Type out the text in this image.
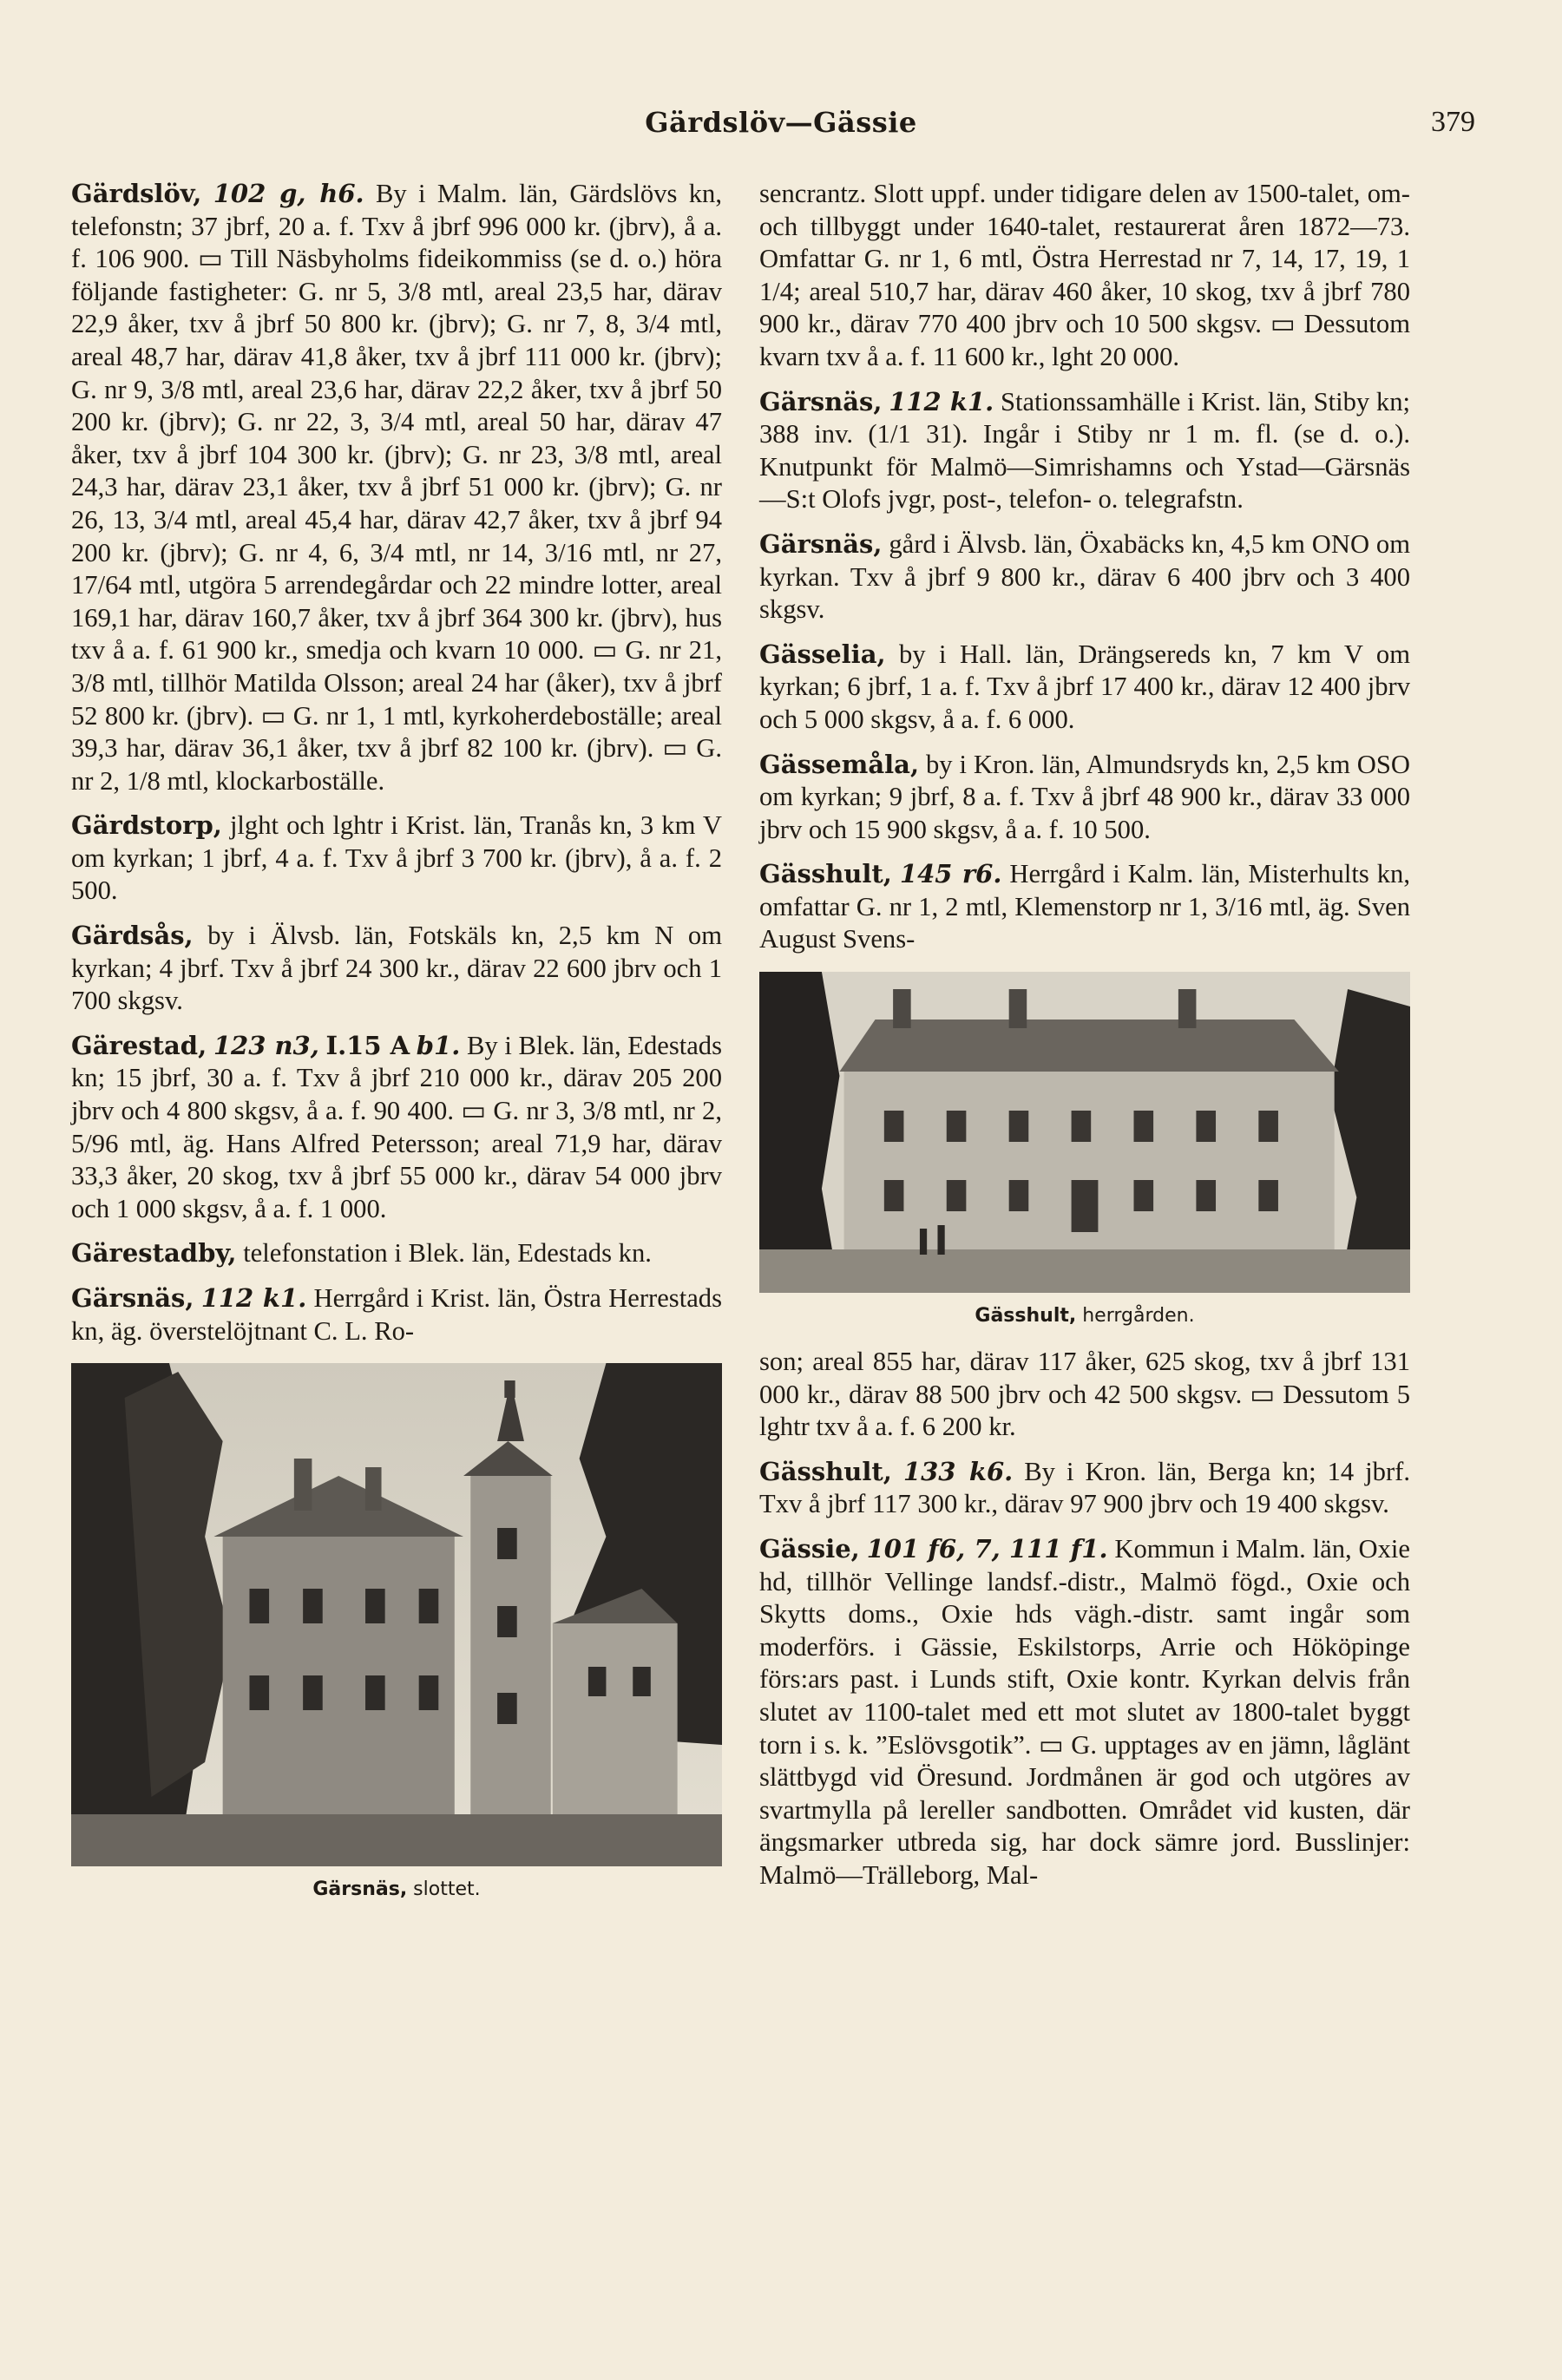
Gärdslöv—Gässie	379

Gärdslöv, 102 g, h6. By i Malm. län, Gärdslövs kn, telefonstn; 37 jbrf, 20 a. f. Txv å jbrf 996 000 kr. (jbrv), å a. f. 106 900. ▭ Till Näsbyholms fideikommiss (se d. o.) höra följande fastigheter: G. nr 5, 3/8 mtl, areal 23,5 har, därav 22,9 åker, txv å jbrf 50 800 kr. (jbrv); G. nr 7, 8, 3/4 mtl, areal 48,7 har, därav 41,8 åker, txv å jbrf 111 000 kr. (jbrv); G. nr 9, 3/8 mtl, areal 23,6 har, därav 22,2 åker, txv å jbrf 50 200 kr. (jbrv); G. nr 22, 3, 3/4 mtl, areal 50 har, därav 47 åker, txv å jbrf 104 300 kr. (jbrv); G. nr 23, 3/8 mtl, areal 24,3 har, därav 23,1 åker, txv å jbrf 51 000 kr. (jbrv); G. nr 26, 13, 3/4 mtl, areal 45,4 har, därav 42,7 åker, txv å jbrf 94 200 kr. (jbrv); G. nr 4, 6, 3/4 mtl, nr 14, 3/16 mtl, nr 27, 17/64 mtl, utgöra 5 arrendegårdar och 22 mindre lotter, areal 169,1 har, därav 160,7 åker, txv å jbrf 364 300 kr. (jbrv), hus txv å a. f. 61 900 kr., smedja och kvarn 10 000. ▭ G. nr 21, 3/8 mtl, tillhör Matilda Olsson; areal 24 har (åker), txv å jbrf 52 800 kr. (jbrv). ▭ G. nr 1, 1 mtl, kyrkoherdeboställe; areal 39,3 har, därav 36,1 åker, txv å jbrf 82 100 kr. (jbrv). ▭ G. nr 2, 1/8 mtl, klockarboställe.

Gärdstorp, jlght och lghtr i Krist. län, Tranås kn, 3 km V om kyrkan; 1 jbrf, 4 a. f. Txv å jbrf 3 700 kr. (jbrv), å a. f. 2 500.

Gärdsås, by i Älvsb. län, Fotskäls kn, 2,5 km N om kyrkan; 4 jbrf. Txv å jbrf 24 300 kr., därav 22 600 jbrv och 1 700 skgsv.

Gärestad, 123 n3, I.15 A b1. By i Blek. län, Edestads kn; 15 jbrf, 30 a. f. Txv å jbrf 210 000 kr., därav 205 200 jbrv och 4 800 skgsv, å a. f. 90 400. ▭ G. nr 3, 3/8 mtl, nr 2, 5/96 mtl, äg. Hans Alfred Petersson; areal 71,9 har, därav 33,3 åker, 20 skog, txv å jbrf 55 000 kr., därav 54 000 jbrv och 1 000 skgsv, å a. f. 1 000.

Gärestadby, telefonstation i Blek. län, Edestads kn.

Gärsnäs, 112 k1. Herrgård i Krist. län, Östra Herrestads kn, äg. överstelöjtnant C. L. Ro-

Gärsnäs, slottet.

sencrantz. Slott uppf. under tidigare delen av 1500-talet, om- och tillbyggt under 1640-talet, restaurerat åren 1872—73. Omfattar G. nr 1, 6 mtl, Östra Herrestad nr 7, 14, 17, 19, 1 1/4; areal 510,7 har, därav 460 åker, 10 skog, txv å jbrf 780 900 kr., därav 770 400 jbrv och 10 500 skgsv. ▭ Dessutom kvarn txv å a. f. 11 600 kr., lght 20 000.

Gärsnäs, 112 k1. Stationssamhälle i Krist. län, Stiby kn; 388 inv. (1/1 31). Ingår i Stiby nr 1 m. fl. (se d. o.). Knutpunkt för Malmö—Simrishamns och Ystad—Gärsnäs—S:t Olofs jvgr, post-, telefon- o. telegrafstn.

Gärsnäs, gård i Älvsb. län, Öxabäcks kn, 4,5 km ONO om kyrkan. Txv å jbrf 9 800 kr., därav 6 400 jbrv och 3 400 skgsv.

Gässelia, by i Hall. län, Drängsereds kn, 7 km V om kyrkan; 6 jbrf, 1 a. f. Txv å jbrf 17 400 kr., därav 12 400 jbrv och 5 000 skgsv, å a. f. 6 000.

Gässemåla, by i Kron. län, Almundsryds kn, 2,5 km OSO om kyrkan; 9 jbrf, 8 a. f. Txv å jbrf 48 900 kr., därav 33 000 jbrv och 15 900 skgsv, å a. f. 10 500.

Gässhult, 145 r6. Herrgård i Kalm. län, Misterhults kn, omfattar G. nr 1, 2 mtl, Klemenstorp nr 1, 3/16 mtl, äg. Sven August Svens-

Gässhult, herrgården.

son; areal 855 har, därav 117 åker, 625 skog, txv å jbrf 131 000 kr., därav 88 500 jbrv och 42 500 skgsv. ▭ Dessutom 5 lghtr txv å a. f. 6 200 kr.

Gässhult, 133 k6. By i Kron. län, Berga kn; 14 jbrf. Txv å jbrf 117 300 kr., därav 97 900 jbrv och 19 400 skgsv.

Gässie, 101 f6, 7, 111 f1. Kommun i Malm. län, Oxie hd, tillhör Vellinge landsf.-distr., Malmö fögd., Oxie och Skytts doms., Oxie hds vägh.-distr. samt ingår som moderförs. i Gässie, Eskilstorps, Arrie och Hököpinge förs:ars past. i Lunds stift, Oxie kontr. Kyrkan delvis från slutet av 1100-talet med ett mot slutet av 1800-talet byggt torn i s. k. ”Eslövsgotik”. ▭ G. upptages av en jämn, låglänt slättbygd vid Öresund. Jordmånen är god och utgöres av svartmylla på lereller sandbotten. Området vid kusten, där ängsmarker utbreda sig, har dock sämre jord. Busslinjer: Malmö—Trälleborg, Mal-
